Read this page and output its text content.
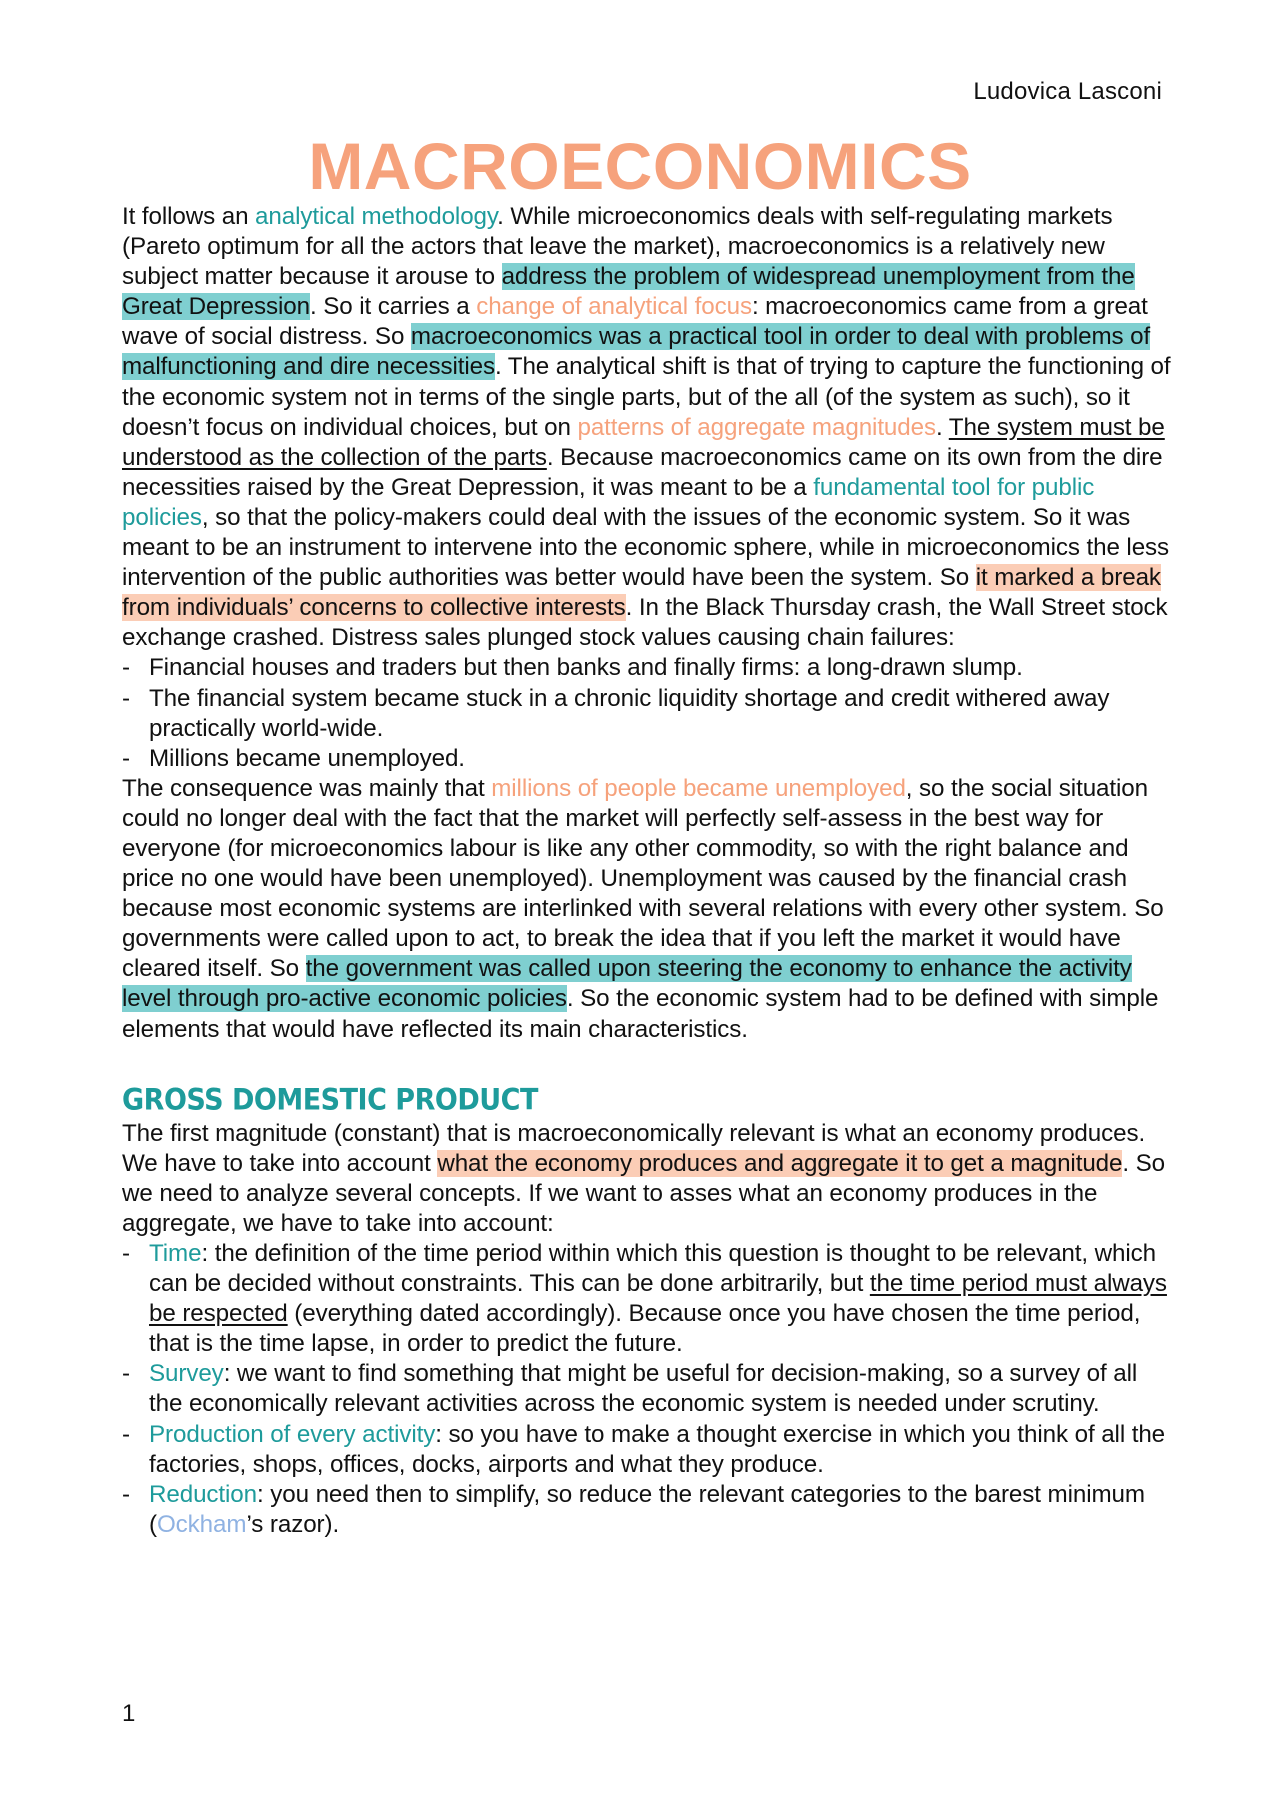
Ludovica Lasconi
MACROECONOMICS

It follows an analytical methodology. While microeconomics deals with self-regulating markets (Pareto optimum for all the actors that leave the market), macroeconomics is a relatively new subject matter because it arouse to address the problem of widespread unemployment from the Great Depression. So it carries a change of analytical focus: macroeconomics came from a great wave of social distress. So macroeconomics was a practical tool in order to deal with problems of malfunctioning and dire necessities. The analytical shift is that of trying to capture the functioning of the economic system not in terms of the single parts, but of the all (of the system as such), so it doesn’t focus on individual choices, but on patterns of aggregate magnitudes. The system must be understood as the collection of the parts. Because macroeconomics came on its own from the dire necessities raised by the Great Depression, it was meant to be a fundamental tool for public policies, so that the policy-makers could deal with the issues of the economic system. So it was meant to be an instrument to intervene into the economic sphere, while in microeconomics the less intervention of the public authorities was better would have been the system. So it marked a break from individuals’ concerns to collective interests. In the Black Thursday crash, the Wall Street stock exchange crashed. Distress sales plunged stock values causing chain failures:

- Financial houses and traders but then banks and finally firms: a long-drawn slump.
- The financial system became stuck in a chronic liquidity shortage and credit withered away practically world-wide.
- Millions became unemployed.

The consequence was mainly that millions of people became unemployed, so the social situation could no longer deal with the fact that the market will perfectly self-assess in the best way for everyone (for microeconomics labour is like any other commodity, so with the right balance and price no one would have been unemployed). Unemployment was caused by the financial crash because most economic systems are interlinked with several relations with every other system. So governments were called upon to act, to break the idea that if you left the market it would have cleared itself. So the government was called upon steering the economy to enhance the activity level through pro-active economic policies. So the economic system had to be defined with simple elements that would have reflected its main characteristics.

GROSS DOMESTIC PRODUCT

The first magnitude (constant) that is macroeconomically relevant is what an economy produces. We have to take into account what the economy produces and aggregate it to get a magnitude. So we need to analyze several concepts. If we want to asses what an economy produces in the aggregate, we have to take into account:

- Time: the definition of the time period within which this question is thought to be relevant, which can be decided without constraints. This can be done arbitrarily, but the time period must always be respected (everything dated accordingly). Because once you have chosen the time period, that is the time lapse, in order to predict the future.
- Survey: we want to find something that might be useful for decision-making, so a survey of all the economically relevant activities across the economic system is needed under scrutiny.
- Production of every activity: so you have to make a thought exercise in which you think of all the factories, shops, offices, docks, airports and what they produce.
- Reduction: you need then to simplify, so reduce the relevant categories to the barest minimum (Ockham’s razor).
1
